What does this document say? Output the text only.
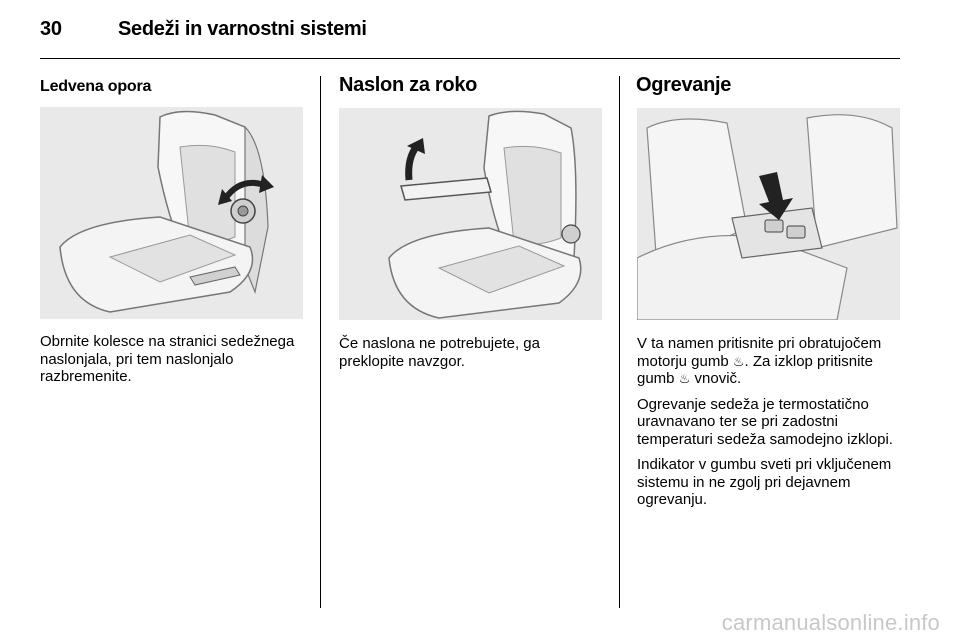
30	Sedeži in varnostni sistemi
Ledvena opora

Obrnite kolesce na stranici sedežnega naslonjala, pri tem naslonjalo razbremenite.

Naslon za roko

Če naslona ne potrebujete, ga preklopite navzgor.

Ogrevanje

V ta namen pritisnite pri obratujočem motorju gumb ♨. Za izklop pritisnite gumb ♨ vnovič.

Ogrevanje sedeža je termostatično uravnavano ter se pri zadostni temperaturi sedeža samodejno izklopi.

Indikator v gumbu sveti pri vključenem sistemu in ne zgolj pri dejavnem ogrevanju.

carmanualsonline.info
